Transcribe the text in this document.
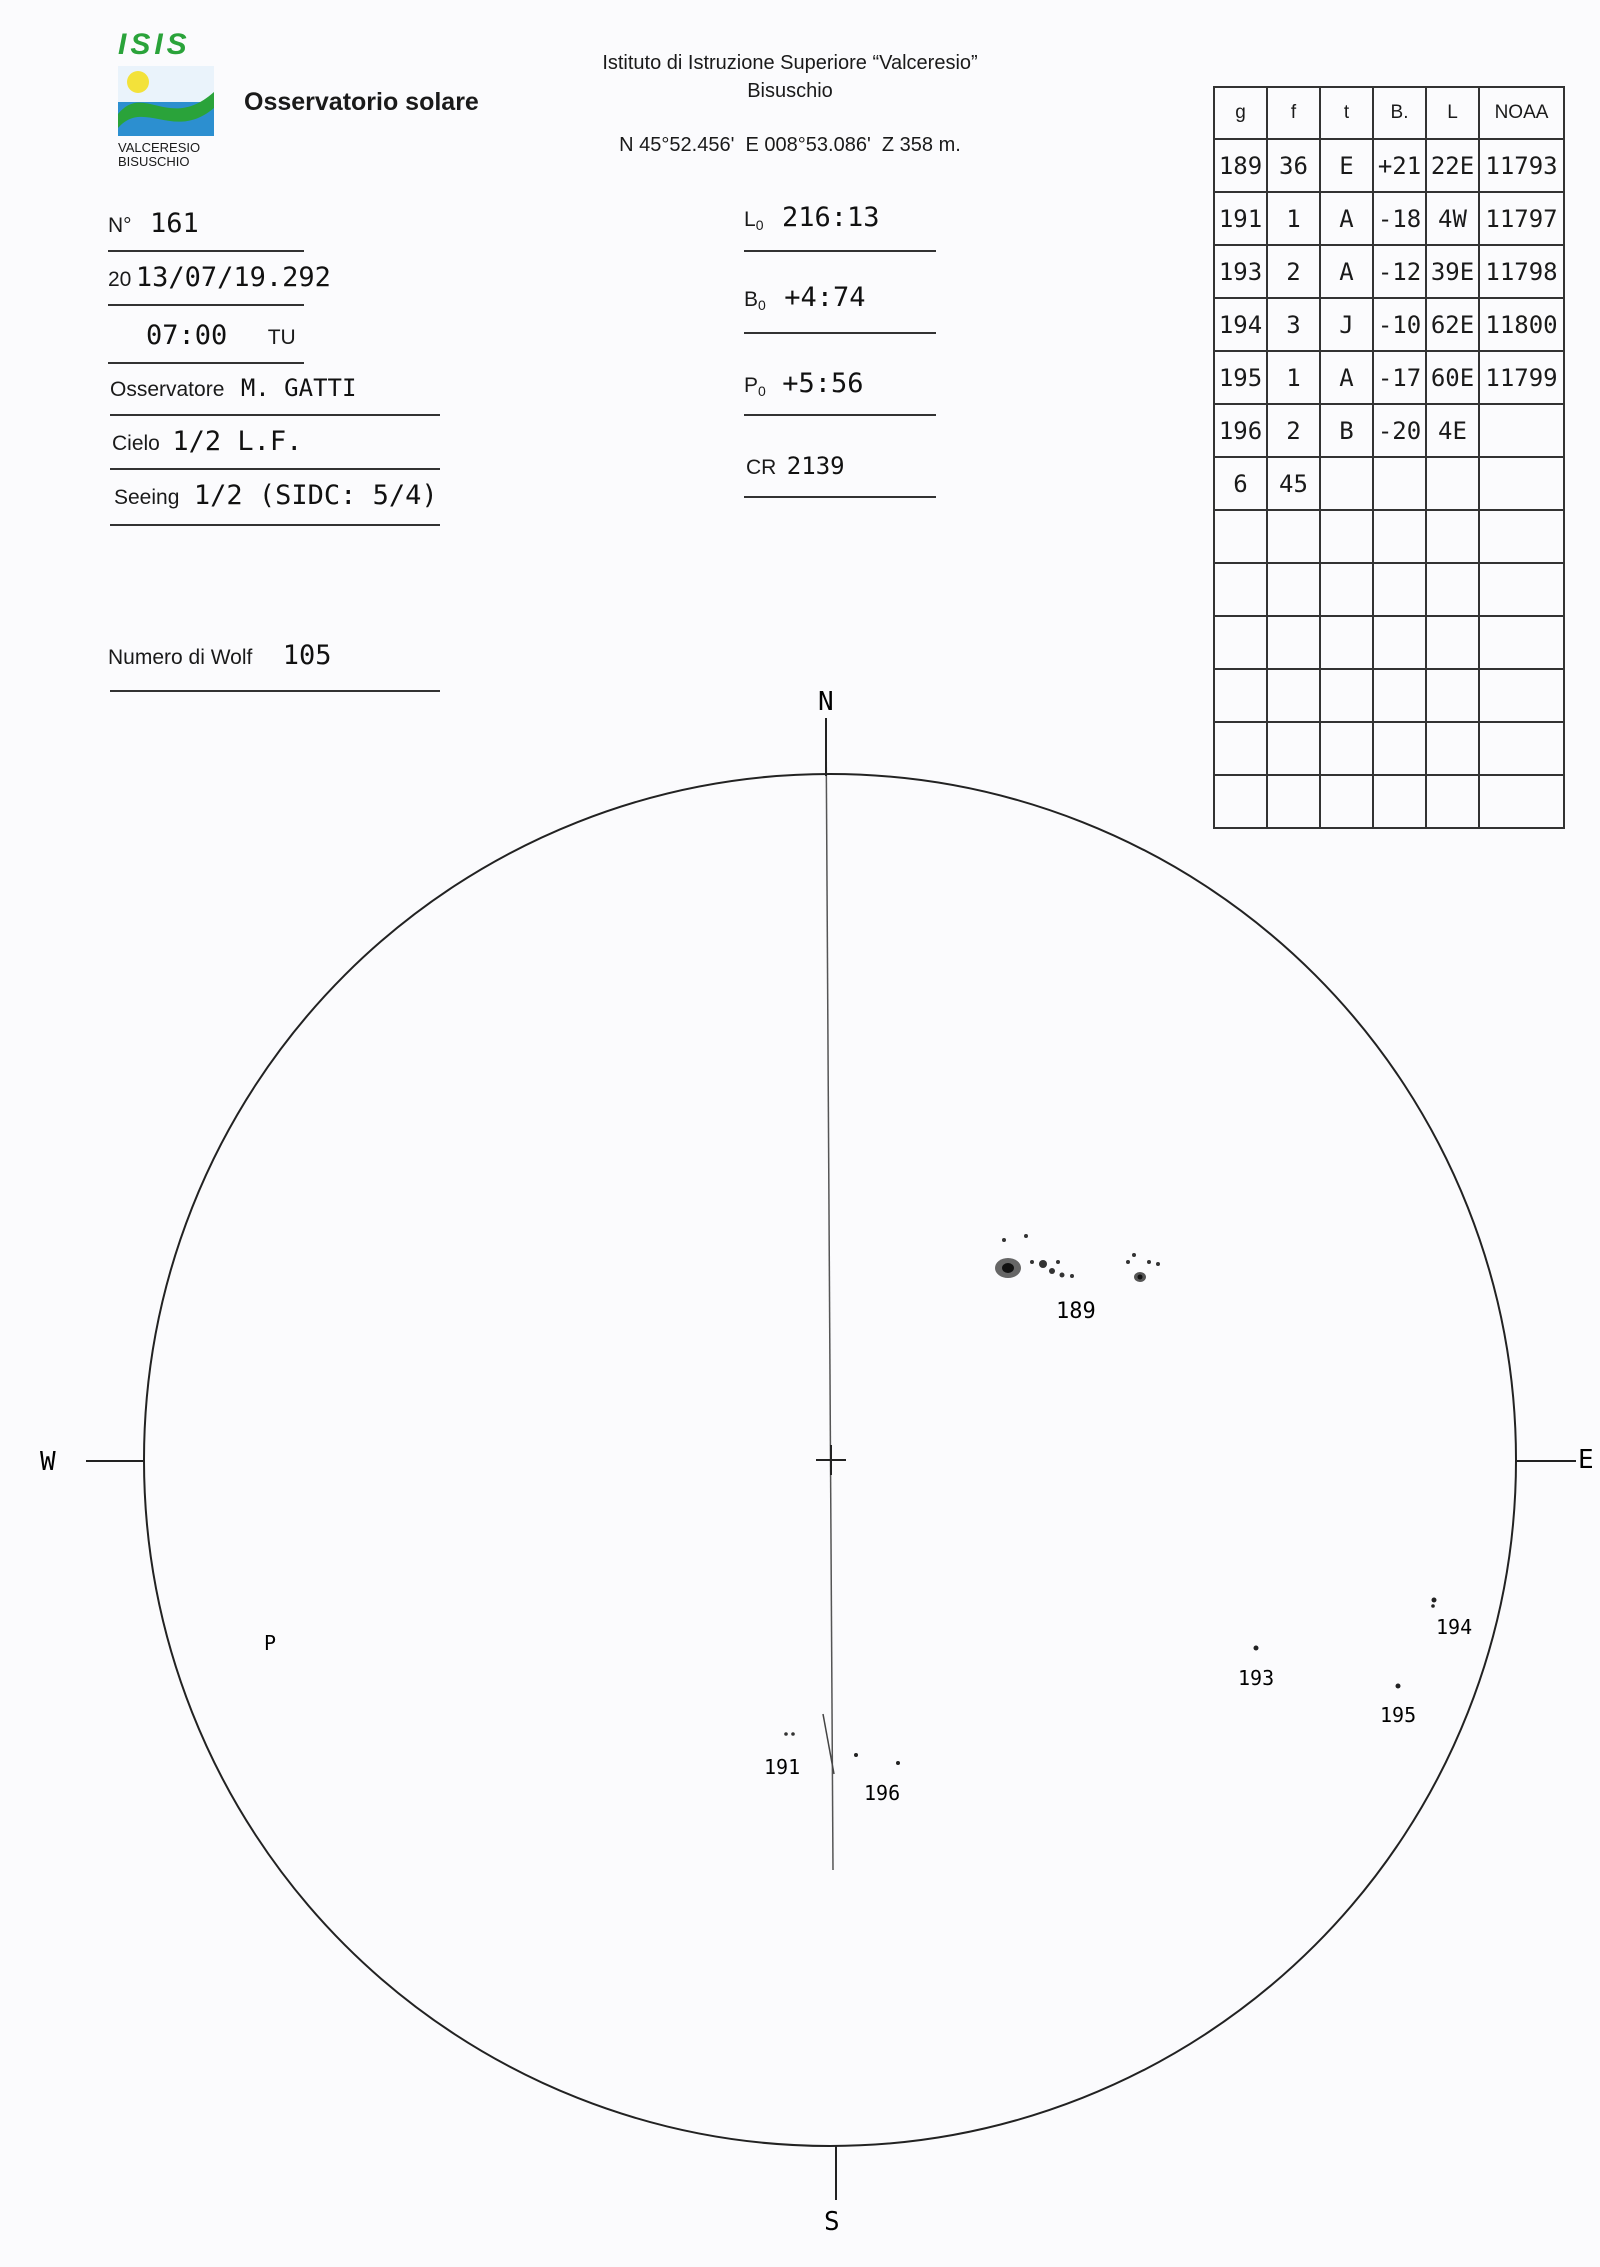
ISIS
VALCERESIO
BISUSCHIO
Osservatorio solare
Istituto di Istruzione Superiore “Valceresio”
Bisuschio
N 45°52.456'  E 008°53.086'  Z 358 m.
N° 161
20 13/07/19.292
07:00 TU
Osservatore M. GATTI
Cielo 1/2 L.F.
Seeing 1/2 (SIDC: 5/4)
Numero di Wolf 105
$L_0$ 216:13
$B_0$ +4:74
$P_0$ +5:56
CR 2139
g	f	t	B.	L	NOAA
189	36	E	+21	22E	11793
191	1	A	-18	4W	11797
193	2	A	-12	39E	11798
194	3	J	-10	62E	11800
195	1	A	-17	60E	11799
196	2	B	-20	4E	
6	45				

N
S
W	E
P
189
191
193
194
195
196
